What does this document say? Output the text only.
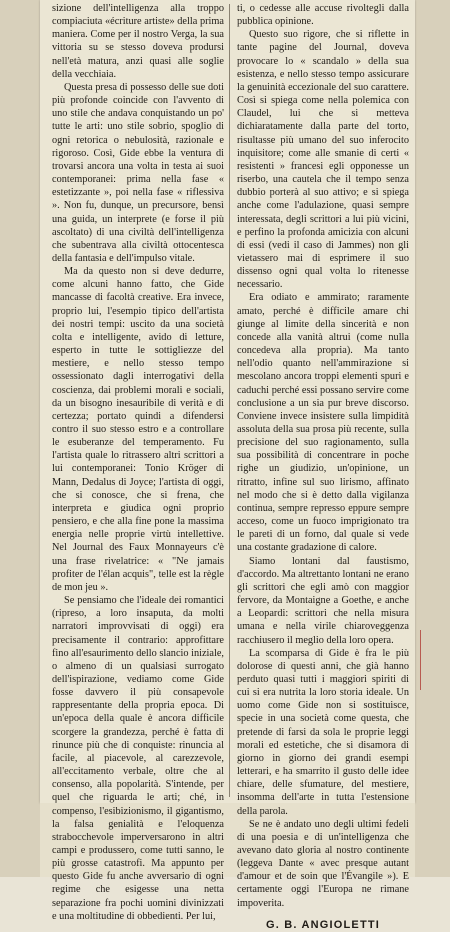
sizione dell'intelligenza alla troppo compiaciuta «écriture artiste» della prima maniera. Come per il nostro Verga, la sua vittoria su se stesso doveva prodursi nell'età matura, anzi quasi alle soglie della vecchiaia.

Questa presa di possesso delle sue doti più profonde coincide con l'avvento di uno stile che andava conquistando un po' tutte le arti: uno stile sobrio, spoglio di ogni retorica o nebulosità, razionale e rigoroso. Così, Gide ebbe la ventura di trovarsi ancora una volta in testa ai suoi contemporanei: prima nella fase « estetizzante », poi nella fase « riflessiva ». Non fu, dunque, un precursore, bensì una guida, un interprete (e forse il più ascoltato) di una civiltà dell'intelligenza che subentrava alla civiltà ottocentesca della fantasia e dell'impulso vitale.

Ma da questo non si deve dedurre, come alcuni hanno fatto, che Gide mancasse di facoltà creative. Era invece, proprio lui, l'esempio tipico dell'artista dei nostri tempi: uscito da una società colta e intelligente, avido di letture, esperto in tutte le sottigliezze del mestiere, e nello stesso tempo ossessionato dagli interrogativi della coscienza, dai problemi morali e sociali, da un bisogno inesauribile di verità e di certezza; portato quindi a difendersi contro il suo stesso estro e a controllare le esuberanze del temperamento. Fu l'artista quale lo ritrassero altri scrittori a lui contemporanei: Tonio Kröger di Mann, Dedalus di Joyce; l'artista di oggi, che si conosce, che si frena, che interpreta e giudica ogni proprio pensiero, e che alla fine pone la massima energia nelle proprie virtù intellettive. Nel Journal des Faux Monnayeurs c'è una frase rivelatrice: « "Ne jamais profiter de l'élan acquis", telle est la règle de mon jeu ».

Se pensiamo che l'ideale dei romantici (ripreso, a loro insaputa, da molti narratori improvvisati di oggi) era precisamente il contrario: approfittare fino all'esaurimento dello slancio iniziale, o almeno di un qualsiasi surrogato dell'ispirazione, vediamo come Gide fosse davvero il più consapevole rappresentante della propria epoca. Di un'epoca della quale è ancora difficile scorgere la grandezza, perché è fatta di rinunce più che di conquiste: rinuncia al facile, al piacevole, al carezzevole, all'eccitamento verbale, oltre che al consenso, alla popolarità. S'intende, per quel che riguarda le arti; ché, in compenso, l'esibizionismo, il gigantismo, la falsa genialità e l'eloquenza strabocchevole imperversarono in altri campi e produssero, come tutti sanno, le più grosse catastrofi. Ma appunto per questo Gide fu anche avversario di ogni regime che esigesse una netta separazione fra pochi uomini divinizzati e una moltitudine di obbedienti. Per lui,

ti, o cedesse alle accuse rivoltegli dalla pubblica opinione.

Questo suo rigore, che si riflette in tante pagine del Journal, doveva provocare lo « scandalo » della sua esistenza, e nello stesso tempo assicurare la genuinità eccezionale del suo carattere. Così si spiega come nella polemica con Claudel, lui che si metteva dichiaratamente dalla parte del torto, risultasse più umano del suo inferocito inquisitore; come alle smanie di certi « resistenti » francesi egli opponesse un riserbo, una cautela che il tempo senza dubbio porterà al suo attivo; e si spiega anche come l'adulazione, quasi sempre interessata, degli scrittori a lui più vicini, e perfino la profonda amicizia con alcuni di essi (vedi il caso di Jammes) non gli vietassero mai di esprimere il suo dissenso ogni qual volta lo ritenesse necessario.

Era odiato e ammirato; raramente amato, perché è difficile amare chi giunge al limite della sincerità e non concede alla vanità altrui (come nulla concedeva alla propria). Ma tanto nell'odio quanto nell'ammirazione si mescolano ancora troppi elementi spuri e caduchi perché essi possano servire come conclusione a un sia pur breve discorso. Conviene invece insistere sulla limpidità assoluta della sua prosa più recente, sulla precisione del suo ragionamento, sulla sua possibilità di concentrare in poche righe un giudizio, un'opinione, un ritratto, infine sul suo lirismo, affinato nel modo che si è detto dalla vigilanza continua, sempre represso eppure sempre acceso, come un fuoco imprigionato tra le pareti di un forno, dal quale si vede una costante gradazione di calore.

Siamo lontani dal faustismo, d'accordo. Ma altrettanto lontani ne erano gli scrittori che egli amò con maggior fervore, da Montaigne a Goethe, e anche a Leopardi: scrittori che nella misura umana e nella virile chiaroveggenza racchiusero il meglio della loro opera.

La scomparsa di Gide è fra le più dolorose di questi anni, che già hanno perduto quasi tutti i maggiori spiriti di cui si era nutrita la loro storia ideale. Un uomo come Gide non si sostituisce, specie in una società come questa, che pretende di farsi da sola le proprie leggi morali ed estetiche, che si disamora di giorno in giorno dei grandi esempi letterari, e ha smarrito il gusto delle idee chiare, delle sfumature, del mestiere, insomma dell'arte in tutta l'estensione della parola.

Se ne è andato uno degli ultimi fedeli di una poesia e di un'intelligenza che avevano dato gloria al nostro continente (leggeva Dante « avec presque autant d'amour et de soin que l'Évangile »). E certamente oggi l'Europa ne rimane impoverita.

G. B. ANGIOLETTI
